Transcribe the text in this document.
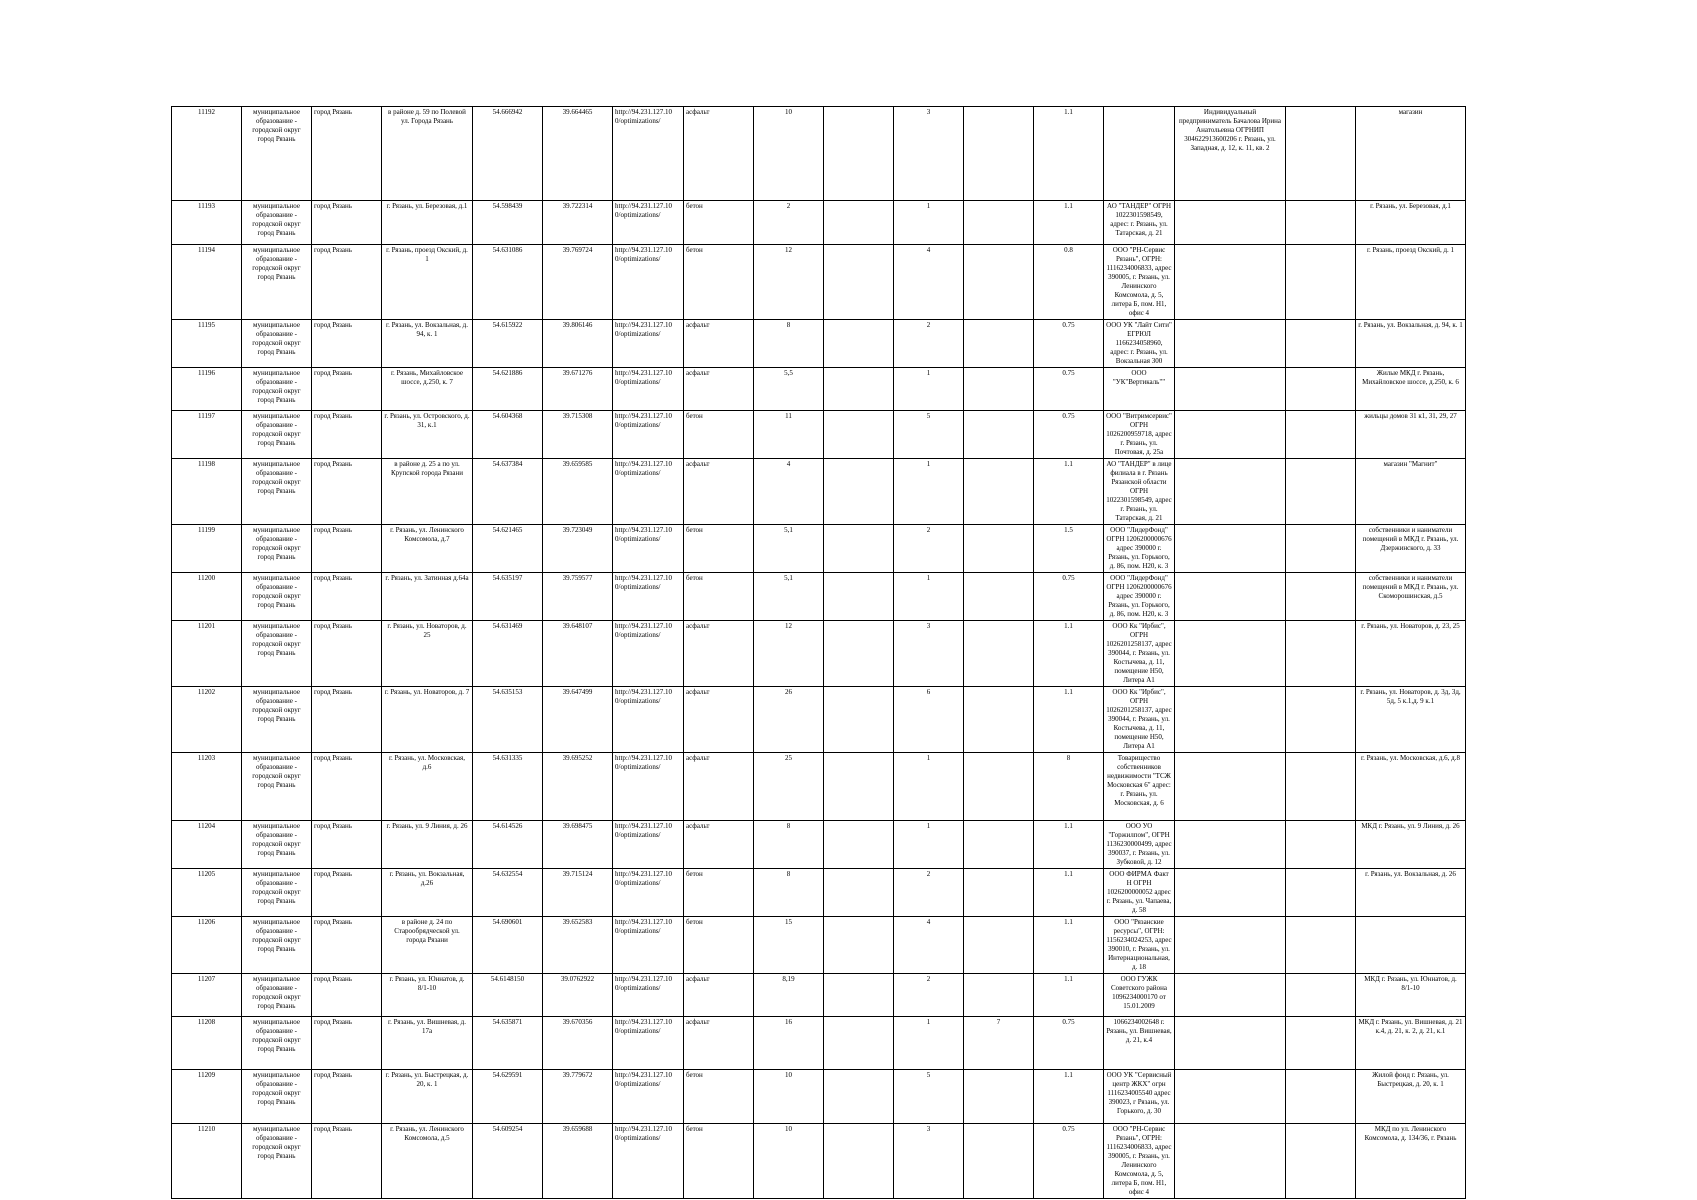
11192	муниципальное образование - городской округ город Рязань	город Рязань	в районе д. 59 по Полевой ул. Города Рязань	54.666942	39.664465	http://94.231.127.10 0/optimizations/	асфальт	10		3		1.1		Индивидуальный предприниматель Бачалова Ирина Анатольевна ОГРНИП 304622913600206 г. Рязань, ул. Западная, д. 12, к. 11, кв. 2		магазин
11193	муниципальное образование - городской округ город Рязань	город Рязань	г. Рязань, ул. Березовая, д.1	54.598439	39.722314	http://94.231.127.10 0/optimizations/	бетон	2		1		1.1	АО "ТАНДЕР" ОГРН 1022301598549, адрес: г. Рязань, ул. Татарская, д. 21			г. Рязань, ул. Березовая, д.1
11194	муниципальное образование - городской округ город Рязань	город Рязань	г. Рязань, проезд Окский, д. 1	54.631086	39.769724	http://94.231.127.10 0/optimizations/	бетон	12		4		0.8	ООО "РН-Сервис Рязань", ОГРН: 1116234006833, адрес 390005, г. Рязань, ул. Ленинского Комсомола, д. 5, литера Б, пом. Н1, офис 4			г. Рязань, проезд Окский, д. 1
11195	муниципальное образование - городской округ город Рязань	город Рязань	г. Рязань, ул. Вокзальная, д. 94, к. 1	54.615922	39.806146	http://94.231.127.10 0/optimizations/	асфальт	8		2		0.75	ООО УК "Лайт Сити" ЕГРЮЛ 1166234058960, адрес: г. Рязань, ул. Вокзальная 300			г. Рязань, ул. Вокзальная, д. 94, к. 1
11196	муниципальное образование - городской округ город Рязань	город Рязань	г. Рязань, Михайловское шоссе, д.250, к. 7	54.621886	39.671276	http://94.231.127.10 0/optimizations/	асфальт	5,5		1		0.75	ООО "УК"Вертикаль""			Жилые МКД г. Рязань, Михайловское шоссе, д.250, к. 6
11197	муниципальное образование - городской округ город Рязань	город Рязань	г. Рязань, ул. Островского, д. 31, к.1	54.604368	39.715308	http://94.231.127.10 0/optimizations/	бетон	11		5		0.75	ООО "Витримсервис" ОГРН 1026200959718, адрес г. Рязань, ул. Почтовая, д. 25а			жильцы домов 31 к1, 31, 29, 27
11198	муниципальное образование - городской округ город Рязань	город Рязань	в районе д. 25 а по ул. Крупской города Рязани	54.637384	39.659585	http://94.231.127.10 0/optimizations/	асфальт	4		1		1.1	АО "ТАНДЕР" в лице филиала в г. Рязань Рязанской области ОГРН 1022301598549, адрес г. Рязань, ул. Татарская, д. 21			магазин "Магнит"
11199	муниципальное образование - городской округ город Рязань	город Рязань	г. Рязань, ул. Ленинского Комсомола, д.7	54.621465	39.723049	http://94.231.127.10 0/optimizations/	бетон	5,1		2		1.5	ООО "ЛидерФонд" ОГРН 1206200000676 адрес 390000 г. Рязань, ул. Горького, д. 86, пом. Н20, к. 3			собственники и наниматели помещений в МКД г. Рязань, ул. Дзержинского, д. 33
11200	муниципальное образование - городской округ город Рязань	город Рязань	г. Рязань, ул. Затинная д.64а	54.635197	39.759577	http://94.231.127.10 0/optimizations/	бетон	5,1		1		0.75	ООО "ЛидерФонд" ОГРН 1206200000676 адрес 390000 г. Рязань, ул. Горького, д. 86, пом. Н20, к. 3			собственники и наниматели помещений в МКД г. Рязань, ул. Скоморошинская, д.5
11201	муниципальное образование - городской округ город Рязань	город Рязань	г. Рязань, ул. Новаторов, д. 25	54.631469	39.648107	http://94.231.127.10 0/optimizations/	асфальт	12		3		1.1	ООО Кк "Ирбис", ОГРН 1026201258137, адрес 390044, г. Рязань, ул. Костычева, д. 11, помещение Н50, Литера А1			г. Рязань, ул. Новаторов, д. 23, 25
11202	муниципальное образование - городской округ город Рязань	город Рязань	г. Рязань, ул. Новаторов, д. 7	54.635153	39.647499	http://94.231.127.10 0/optimizations/	асфальт	26		6		1.1	ООО Кк "Ирбис", ОГРН 1026201258137, адрес 390044, г. Рязань, ул. Костычева, д. 11, помещение Н50, Литера А1			г. Рязань, ул. Новаторов, д. 3д, 3д, 5д, 5 к.1,д. 9 к.1
11203	муниципальное образование - городской округ город Рязань	город Рязань	г. Рязань, ул. Московская, д.6	54.631335	39.695252	http://94.231.127.10 0/optimizations/	асфальт	25		1		8	Товарищество собственников недвижимости "ТСЖ Московская 6" адрес: г. Рязань, ул. Московская, д. 6			г. Рязань, ул. Московская, д.6, д.8
11204	муниципальное образование - городской округ город Рязань	город Рязань	г. Рязань, ул. 9 Линия, д. 26	54.614526	39.698475	http://94.231.127.10 0/optimizations/	асфальт	8		1		1.1	ООО УО "Горжилпом", ОГРН 1136230000499, адрес 390037, г. Рязань, ул. Зубковой, д. 12			МКД г. Рязань, ул. 9 Линия, д. 26
11205	муниципальное образование - городской округ город Рязань	город Рязань	г. Рязань, ул. Вокзальная, д.26	54.632554	39.715124	http://94.231.127.10 0/optimizations/	бетон	8		2		1.1	ООО ФИРМА Факт Н ОГРН 1026200000052 адрес г. Рязань, ул. Чапаева, д. 58			г. Рязань, ул. Вокзальная, д. 26
11206	муниципальное образование - городской округ город Рязань	город Рязань	в районе д. 24 по Старообрядческой ул. города Рязани	54.690601	39.652583	http://94.231.127.10 0/optimizations/	бетон	15		4		1.1	ООО "Рязанские ресурсы", ОГРН: 1156234024253, адрес 390010, г. Рязань, ул. Интернациональная, д. 18			
11207	муниципальное образование - городской округ город Рязань	город Рязань	г. Рязань, ул. Юннатов, д. 8/1-10	54.6148150	39.0762922	http://94.231.127.10 0/optimizations/	асфальт	8,19		2		1.1	ООО ГУЖК Советского района 1096234000170 от 15.01.2009			МКД г. Рязань, ул. Юннатов, д. 8/1-10
11208	муниципальное образование - городской округ город Рязань	город Рязань	г. Рязань, ул. Вишневая, д. 17а	54.635871	39.670356	http://94.231.127.10 0/optimizations/	асфальт	16		1	7	0.75	1066234002648 г. Рязань, ул. Вишневая, д. 21, к.4			МКД г. Рязань, ул. Вишневая, д. 21 к.4, д. 21, к. 2, д. 21, к.1
11209	муниципальное образование - городской округ город Рязань	город Рязань	г. Рязань, ул. Быстрецкая, д. 20, к. 1	54.629591	39.779672	http://94.231.127.10 0/optimizations/	бетон	10		5		1.1	ООО УК "Сервисный центр ЖКХ" огрн 1116234005540 адрес 390023, г Рязань, ул. Горького, д. 30			Жилой фонд г. Рязань, ул. Быстрецкая, д. 20, к. 1
11210	муниципальное образование - городской округ город Рязань	город Рязань	г. Рязань, ул. Ленинского Комсомола, д.5	54.609254	39.659688	http://94.231.127.10 0/optimizations/	бетон	10		3		0.75	ООО "РН-Сервис Рязань", ОГРН: 1116234006833, адрес 390005, г. Рязань, ул. Ленинского Комсомола, д. 5, литера Б, пом. Н1, офис 4			МКД по ул. Ленинского Комсомола, д. 134/36, г. Рязань
